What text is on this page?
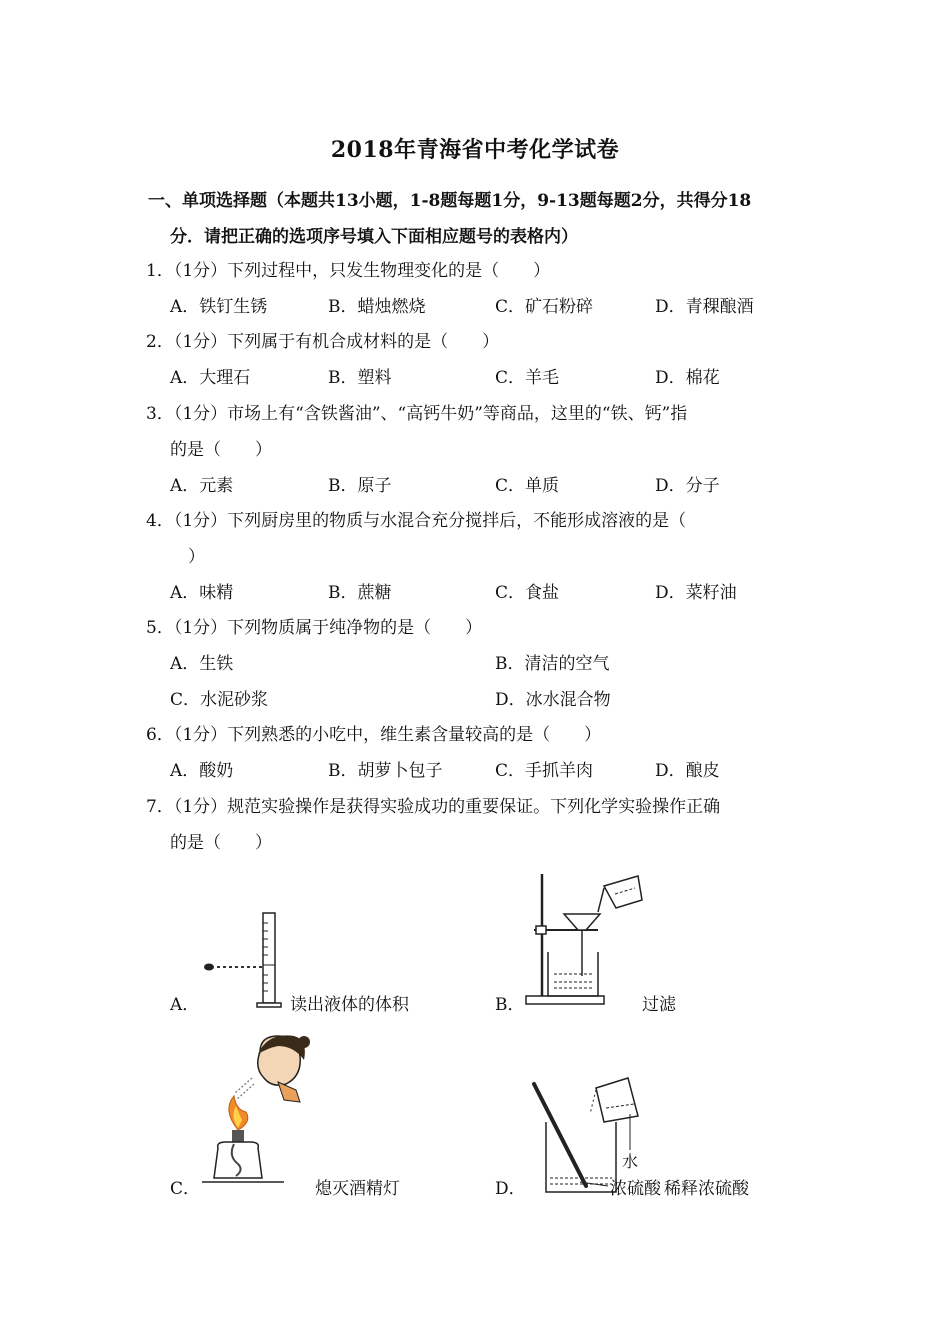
2018年青海省中考化学试卷
一、单项选择题（本题共13小题，1-8题每题1分，9-13题每题2分，共得分18
分．请把正确的选项序号填入下面相应题号的表格内）
1．（1分）下列过程中，只发生物理变化的是（　　）
A．铁钉生锈	B．蜡烛燃烧	C．矿石粉碎	D．青稞酿酒
2．（1分）下列属于有机合成材料的是（　　）
A．大理石	B．塑料	C．羊毛	D．棉花
3．（1分）市场上有“含铁酱油”、“高钙牛奶”等商品，这里的“铁、钙”指
的是（　　）
A．元素	B．原子	C．单质	D．分子
4．（1分）下列厨房里的物质与水混合充分搅拌后，不能形成溶液的是（
）
A．味精	B．蔗糖	C．食盐	D．菜籽油
5．（1分）下列物质属于纯净物的是（　　）
A．生铁	B．清洁的空气
C．水泥砂浆	D．冰水混合物
6．（1分）下列熟悉的小吃中，维生素含量较高的是（　　）
A．酸奶	B．胡萝卜包子	C．手抓羊肉	D．酿皮
7．（1分）规范实验操作是获得实验成功的重要保证。下列化学实验操作正确
的是（　　）
A．	读出液体的体积	B．	过滤
C．	熄灭酒精灯
水
浓硫酸
D．	稀释浓硫酸
